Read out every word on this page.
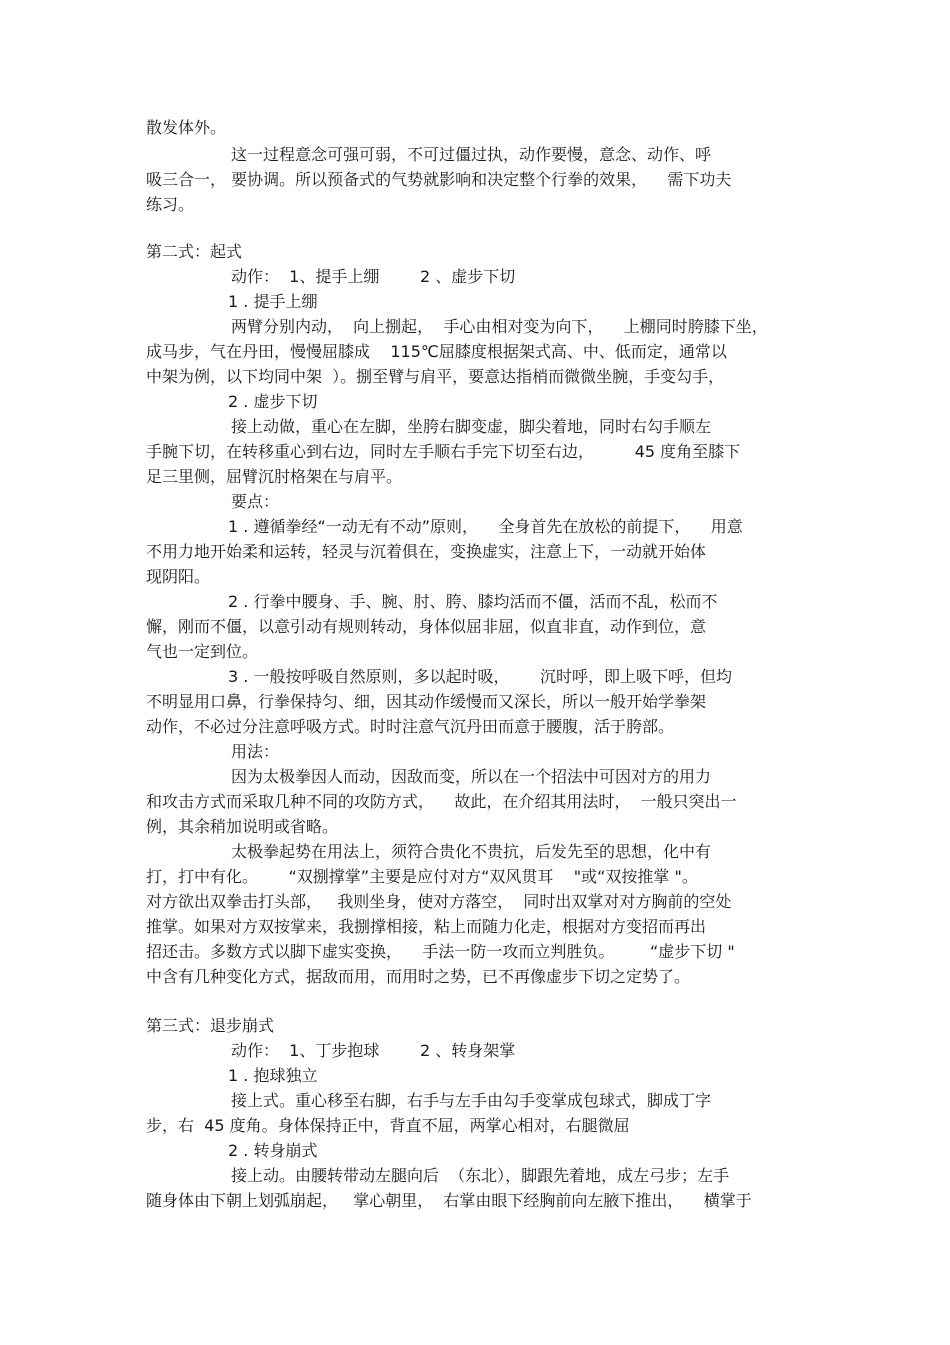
散发体外。
这一过程意念可强可弱，不可过僵过执，动作要慢，意念、动作、呼
吸三合一， 要协调。所以预备式的气势就影响和决定整个行拳的效果，    需下功夫
练习。
第二式：起式
动作：  1、提手上绷        2 、虚步下切
1 . 提手上绷
两臂分别内动，  向上捌起，  手心由相对变为向下，    上棚同时胯膝下坐，
成马步，气在丹田，慢慢屈膝成    115℃屈膝度根据架式高、中、低而定，通常以
中架为例，以下均同中架  ）。捌至臂与肩平，要意达指梢而微微坐腕，手变勾手，
2 . 虚步下切
接上动做，重心在左脚，坐胯右脚变虚，脚尖着地，同时右勾手顺左
手腕下切，在转移重心到右边，同时左手顺右手完下切至右边，        45 度角至膝下
足三里侧，屈臂沉肘格架在与肩平。
要点：
1 . 遵循拳经“一动无有不动”原则，    全身首先在放松的前提下，    用意
不用力地开始柔和运转，轻灵与沉着俱在，变换虚实，注意上下，一动就开始体
现阴阳。
2 . 行拳中腰身、手、腕、肘、胯、膝均活而不僵，活而不乱，松而不
懈，刚而不僵，以意引动有规则转动，身体似屈非屈，似直非直，动作到位，意
气也一定到位。
3 . 一般按呼吸自然原则，多以起时吸，      沉时呼，即上吸下呼，但均
不明显用口鼻，行拳保持匀、细，因其动作缓慢而又深长，所以一般开始学拳架
动作，不必过分注意呼吸方式。时时注意气沉丹田而意于腰腹，活于胯部。
用法：
因为太极拳因人而动，因敌而变，所以在一个招法中可因对方的用力
和攻击方式而采取几种不同的攻防方式，    故此，在介绍其用法时，  一般只突出一
例，其余稍加说明或省略。
太极拳起势在用法上，须符合贵化不贵抗，后发先至的思想，化中有
打，打中有化。      “双捌撑掌”主要是应付对方“双风贯耳    "或“双按推掌 "。
对方欲出双拳击打头部，   我则坐身，使对方落空，  同时出双掌对对方胸前的空处
推掌。如果对方双按掌来，我捌撑相接，粘上而随力化走，根据对方变招而再出
招还击。多数方式以脚下虚实变换，    手法一防一攻而立判胜负。       “虚步下切 "
中含有几种变化方式，据敌而用，而用时之势，已不再像虚步下切之定势了。
第三式：退步崩式
动作：  1、丁步抱球        2 、转身架掌
1 . 抱球独立
接上式。重心移至右脚，右手与左手由勾手变掌成包球式，脚成丁字
步，右  45 度角。身体保持正中，背直不屈，两掌心相对，右腿微屈
2 . 转身崩式
接上动。由腰转带动左腿向后  （东北），脚跟先着地，成左弓步；左手
随身体由下朝上划弧崩起，   掌心朝里，  右掌由眼下经胸前向左腋下推出，    横掌于
